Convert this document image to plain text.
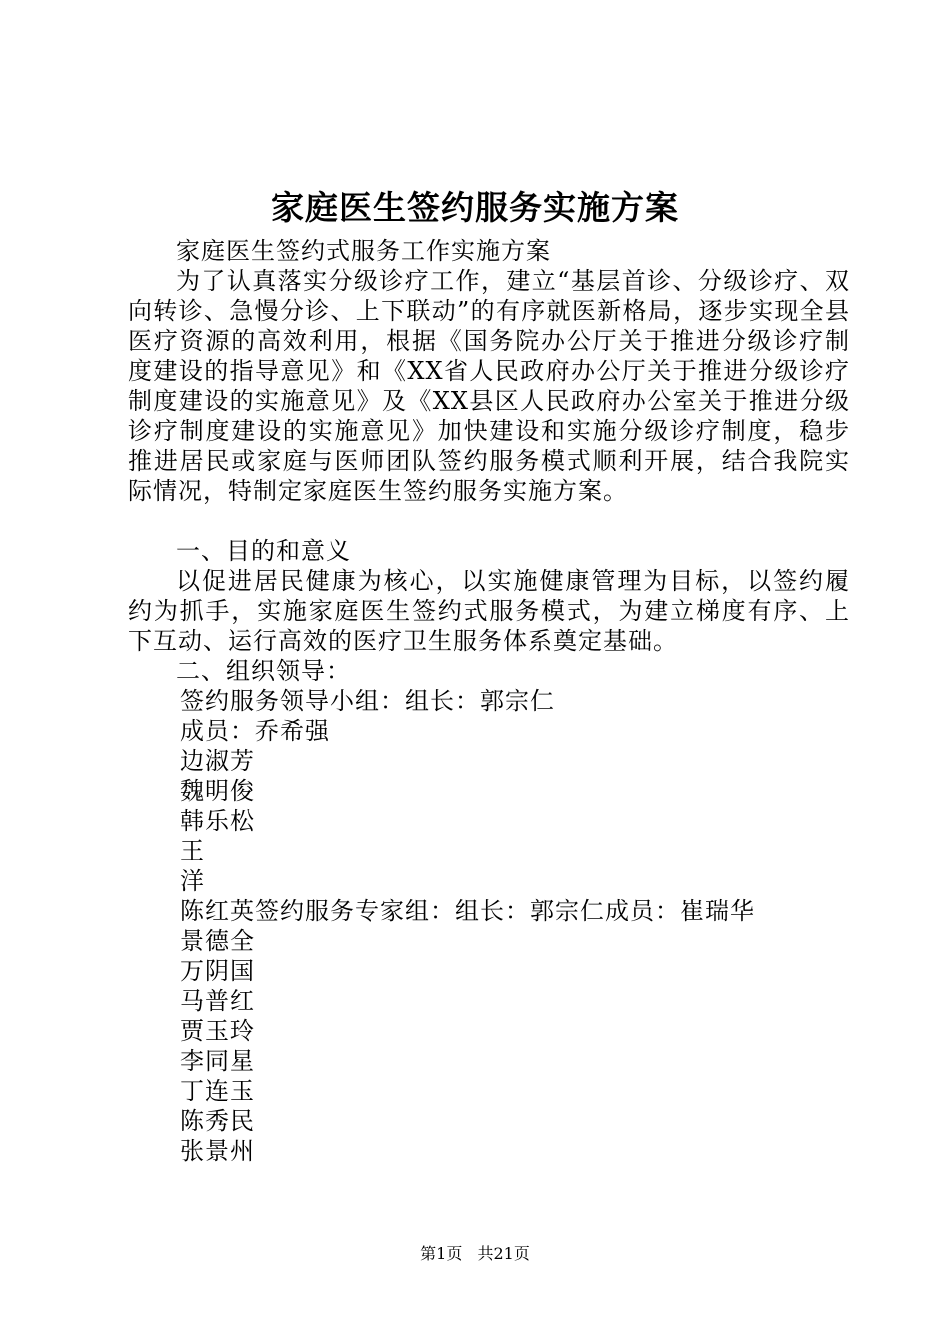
家庭医生签约服务实施方案

家庭医生签约式服务工作实施方案

为了认真落实分级诊疗工作，建立“基层首诊、分级诊疗、双向转诊、急慢分诊、上下联动”的有序就医新格局，逐步实现全县医疗资源的高效利用，根据《国务院办公厅关于推进分级诊疗制度建设的指导意见》和《XX省人民政府办公厅关于推进分级诊疗制度建设的实施意见》及《XX县区人民政府办公室关于推进分级诊疗制度建设的实施意见》加快建设和实施分级诊疗制度，稳步推进居民或家庭与医师团队签约服务模式顺利开展，结合我院实际情况，特制定家庭医生签约服务实施方案。

一、目的和意义

以促进居民健康为核心，以实施健康管理为目标，以签约履约为抓手，实施家庭医生签约式服务模式，为建立梯度有序、上下互动、运行高效的医疗卫生服务体系奠定基础。

二、组织领导：

签约服务领导小组：组长：郭宗仁

成员：乔希强

边淑芳

魏明俊

韩乐松

王

洋

陈红英签约服务专家组：组长：郭宗仁成员：崔瑞华

景德全

万阴国

马普红

贾玉玲

李同星

丁连玉

陈秀民

张景州

第1页 共21页
